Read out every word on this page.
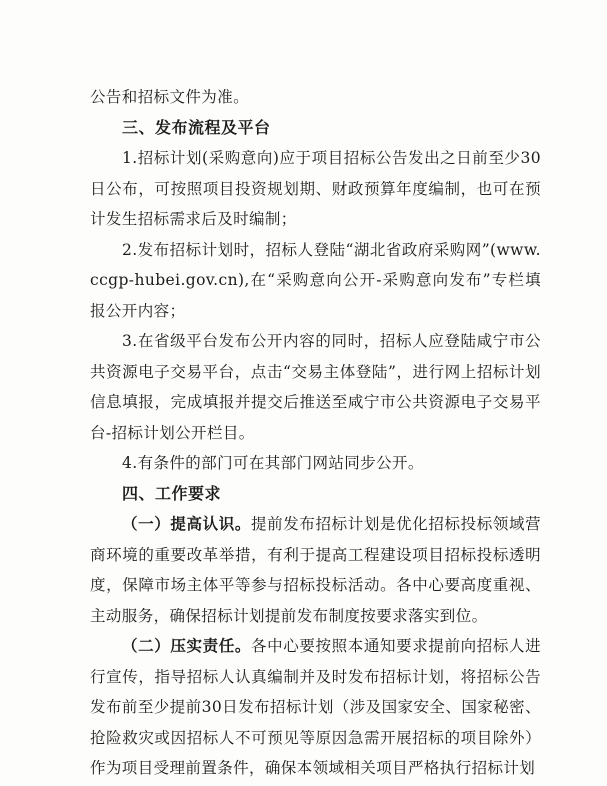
公告和招标文件为准。

三、发布流程及平台

1.招标计划(采购意向)应于项目招标公告发出之日前至少30日公布，可按照项目投资规划期、财政预算年度编制，也可在预计发生招标需求后及时编制；

2.发布招标计划时，招标人登陆“湖北省政府采购网”(www.ccgp-hubei.gov.cn),在“采购意向公开-采购意向发布”专栏填报公开内容；

3.在省级平台发布公开内容的同时，招标人应登陆咸宁市公共资源电子交易平台，点击“交易主体登陆”，进行网上招标计划信息填报，完成填报并提交后推送至咸宁市公共资源电子交易平台-招标计划公开栏目。

4.有条件的部门可在其部门网站同步公开。

四、工作要求

（一）提高认识。提前发布招标计划是优化招标投标领域营商环境的重要改革举措，有利于提高工程建设项目招标投标透明度，保障市场主体平等参与招标投标活动。各中心要高度重视、主动服务，确保招标计划提前发布制度按要求落实到位。

（二）压实责任。各中心要按照本通知要求提前向招标人进行宣传，指导招标人认真编制并及时发布招标计划，将招标公告发布前至少提前30日发布招标计划（涉及国家安全、国家秘密、抢险救灾或因招标人不可预见等原因急需开展招标的项目除外）作为项目受理前置条件，确保本领域相关项目严格执行招标计划
